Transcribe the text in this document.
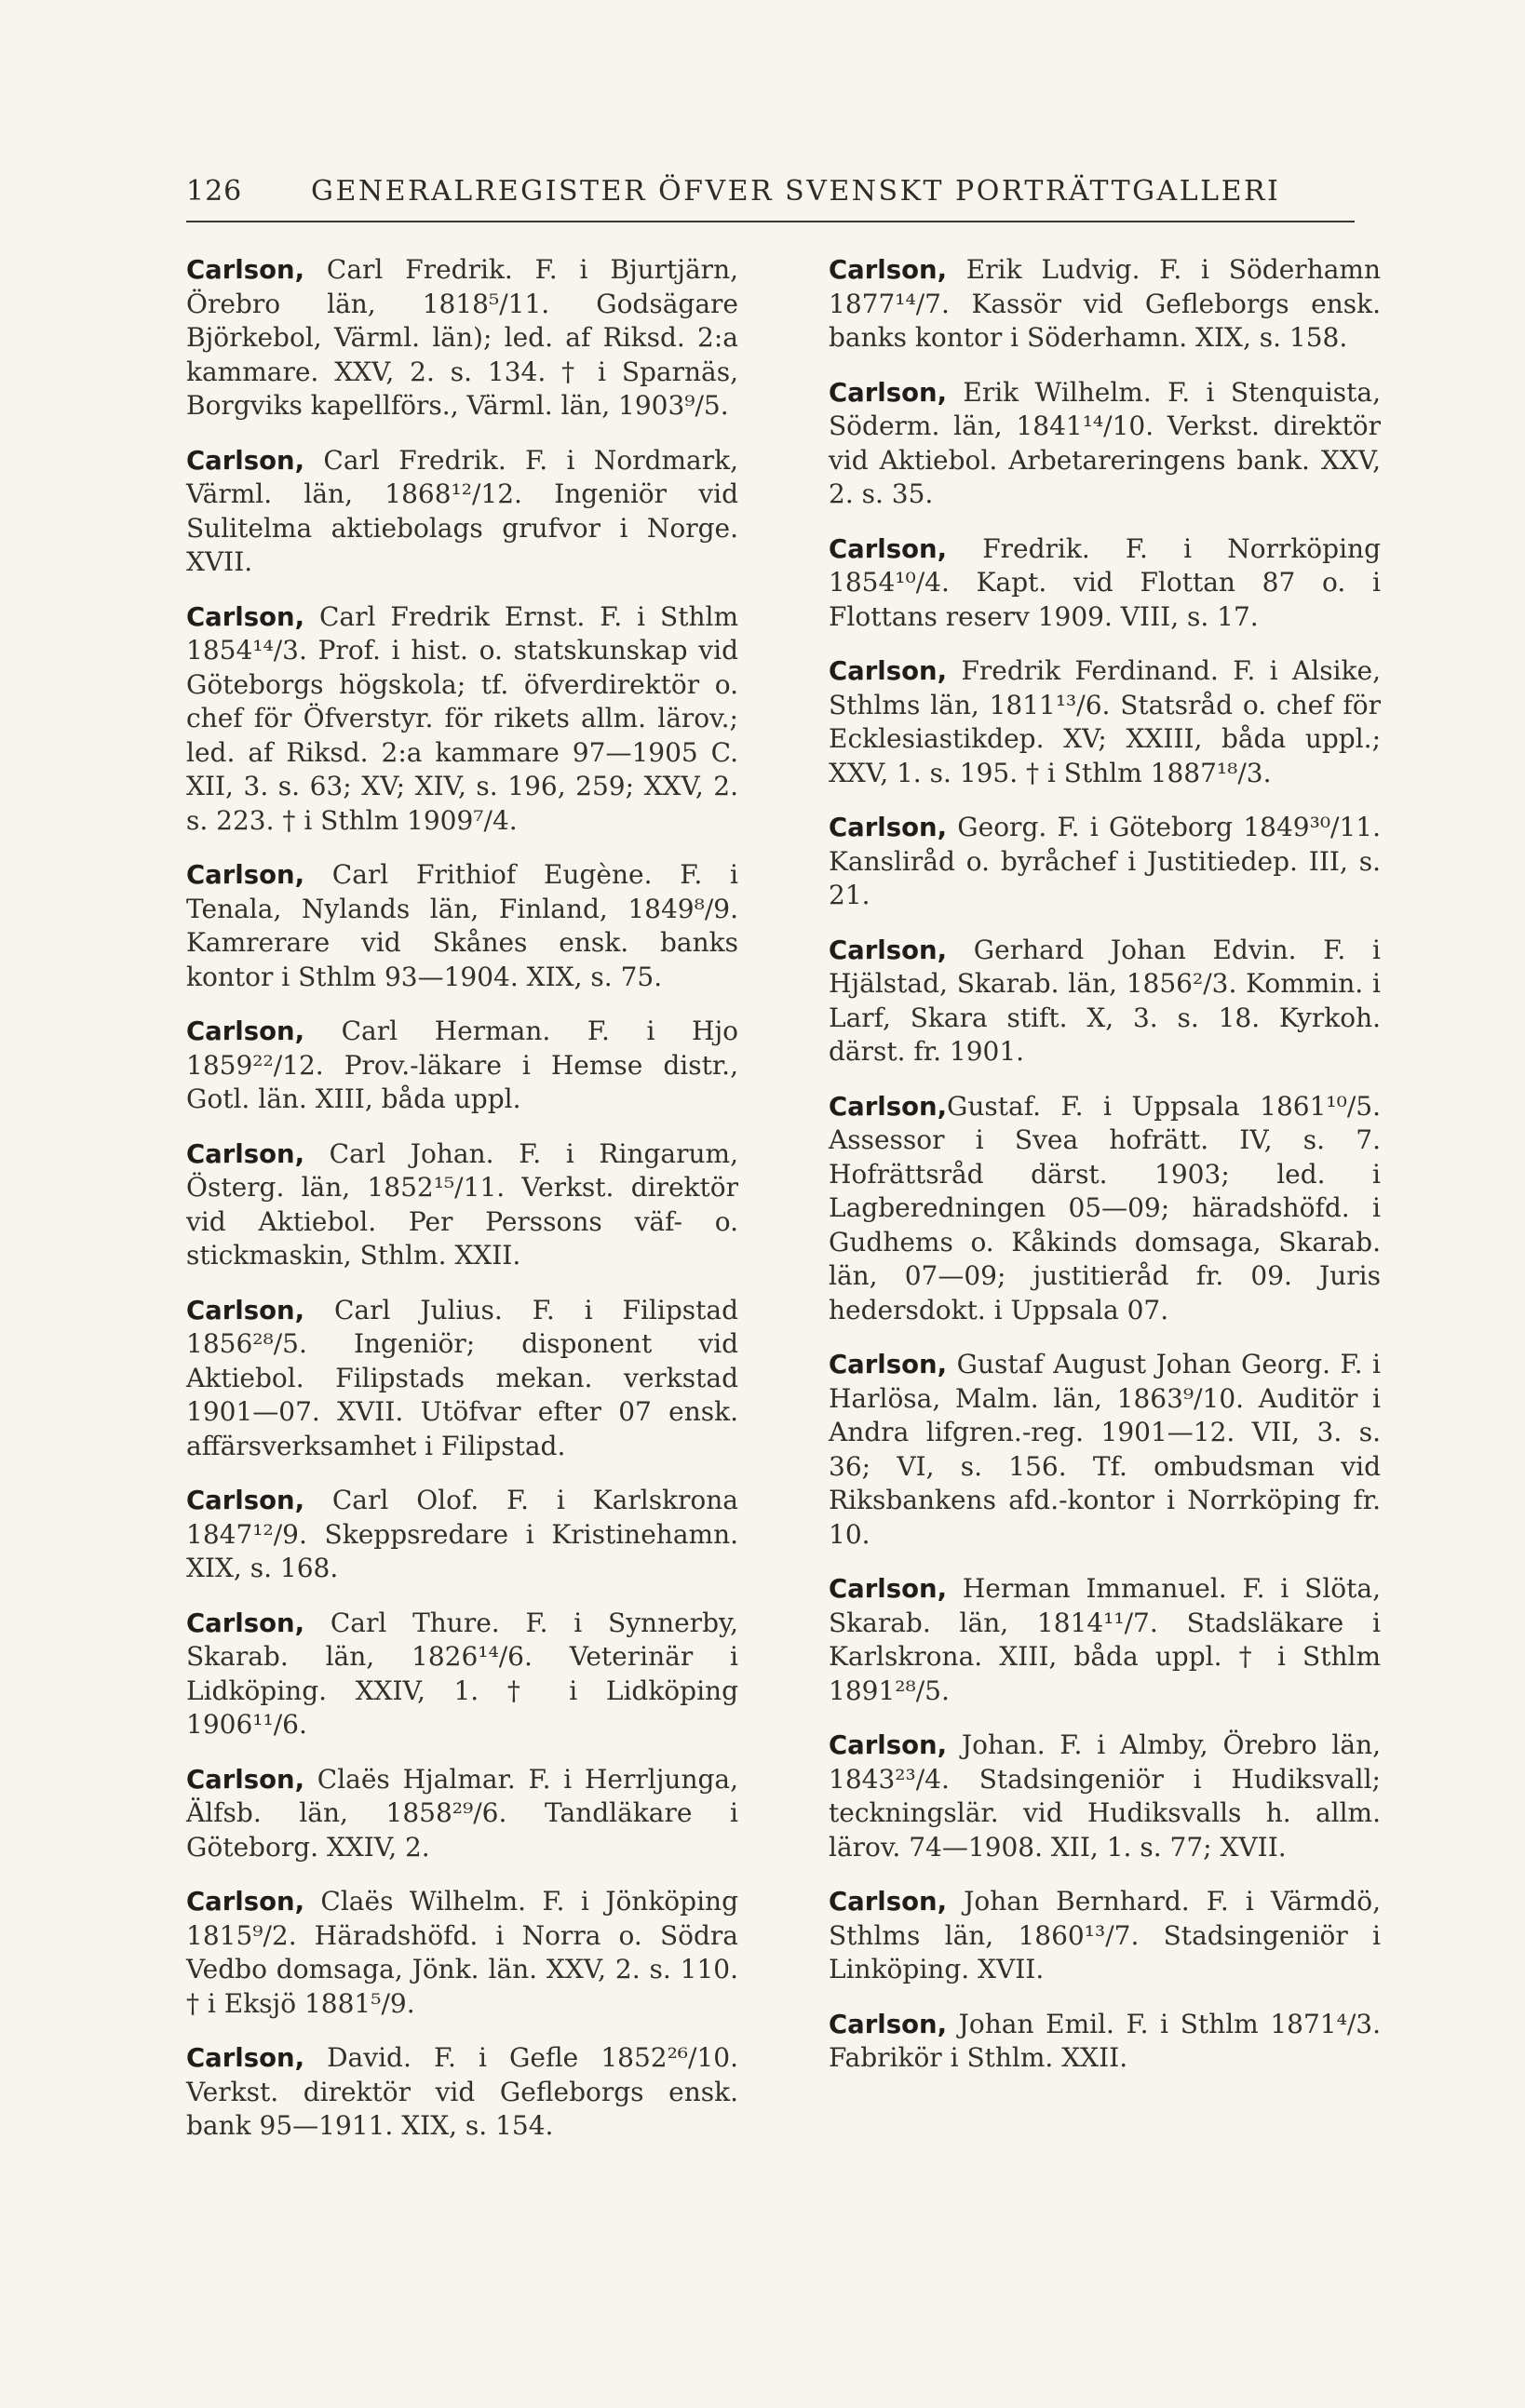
126 GENERALREGISTER ÖFVER SVENSKT PORTRÄTTGALLERI

Carlson, Carl Fredrik. F. i Bjurtjärn, Örebro län, 1818⁵/11. Godsägare Björkebol, Värml. län); led. af Riksd. 2:a kammare. XXV, 2. s. 134. † i Sparnäs, Borgviks kapellförs., Värml. län, 1903⁹/5.

Carlson, Carl Fredrik. F. i Nordmark, Värml. län, 1868¹²/12. Ingeniör vid Sulitelma aktiebolags grufvor i Norge. XVII.

Carlson, Carl Fredrik Ernst. F. i Sthlm 1854¹⁴/3. Prof. i hist. o. statskunskap vid Göteborgs högskola; tf. öfverdirektör o. chef för Öfverstyr. för rikets allm. lärov.; led. af Riksd. 2:a kammare 97—1905 C. XII, 3. s. 63; XV; XIV, s. 196, 259; XXV, 2. s. 223. † i Sthlm 1909⁷/4.

Carlson, Carl Frithiof Eugène. F. i Tenala, Nylands län, Finland, 1849⁸/9. Kamrerare vid Skånes ensk. banks kontor i Sthlm 93—1904. XIX, s. 75.

Carlson, Carl Herman. F. i Hjo 1859²²/12. Prov.-läkare i Hemse distr., Gotl. län. XIII, båda uppl.

Carlson, Carl Johan. F. i Ringarum, Österg. län, 1852¹⁵/11. Verkst. direktör vid Aktiebol. Per Perssons väf- o. stickmaskin, Sthlm. XXII.

Carlson, Carl Julius. F. i Filipstad 1856²⁸/5. Ingeniör; disponent vid Aktiebol. Filipstads mekan. verkstad 1901—07. XVII. Utöfvar efter 07 ensk. affärsverksamhet i Filipstad.

Carlson, Carl Olof. F. i Karlskrona 1847¹²/9. Skeppsredare i Kristinehamn. XIX, s. 168.

Carlson, Carl Thure. F. i Synnerby, Skarab. län, 1826¹⁴/6. Veterinär i Lidköping. XXIV, 1. † i Lidköping 1906¹¹/6.

Carlson, Claës Hjalmar. F. i Herrljunga, Älfsb. län, 1858²⁹/6. Tandläkare i Göteborg. XXIV, 2.

Carlson, Claës Wilhelm. F. i Jönköping 1815⁹/2. Häradshöfd. i Norra o. Södra Vedbo domsaga, Jönk. län. XXV, 2. s. 110. † i Eksjö 1881⁵/9.

Carlson, David. F. i Gefle 1852²⁶/10. Verkst. direktör vid Gefleborgs ensk. bank 95—1911. XIX, s. 154.

Carlson, Erik Ludvig. F. i Söderhamn 1877¹⁴/7. Kassör vid Gefleborgs ensk. banks kontor i Söderhamn. XIX, s. 158.

Carlson, Erik Wilhelm. F. i Stenquista, Söderm. län, 1841¹⁴/10. Verkst. direktör vid Aktiebol. Arbetareringens bank. XXV, 2. s. 35.

Carlson, Fredrik. F. i Norrköping 1854¹⁰/4. Kapt. vid Flottan 87 o. i Flottans reserv 1909. VIII, s. 17.

Carlson, Fredrik Ferdinand. F. i Alsike, Sthlms län, 1811¹³/6. Statsråd o. chef för Ecklesiastikdep. XV; XXIII, båda uppl.; XXV, 1. s. 195. † i Sthlm 1887¹⁸/3.

Carlson, Georg. F. i Göteborg 1849³⁰/11. Kanslіråd o. byråchef i Justitiedep. III, s. 21.

Carlson, Gerhard Johan Edvin. F. i Hjälstad, Skarab. län, 1856²/3. Kommin. i Larf, Skara stift. X, 3. s. 18. Kyrkoh. därst. fr. 1901.

Carlson,Gustaf. F. i Uppsala 1861¹⁰/5. Assessor i Svea hofrätt. IV, s. 7. Hofrättsråd därst. 1903; led. i Lagberedningen 05—09; häradshöfd. i Gudhems o. Kåkinds domsaga, Skarab. län, 07—09; justitieråd fr. 09. Juris hedersdokt. i Uppsala 07.

Carlson, Gustaf August Johan Georg. F. i Harlösa, Malm. län, 1863⁹/10. Auditör i Andra lifgren.-reg. 1901—12. VII, 3. s. 36; VI, s. 156. Tf. ombudsman vid Riksbankens afd.-kontor i Norrköping fr. 10.

Carlson, Herman Immanuel. F. i Slöta, Skarab. län, 1814¹¹/7. Stadsläkare i Karlskrona. XIII, båda uppl. † i Sthlm 1891²⁸/5.

Carlson, Johan. F. i Almby, Örebro län, 1843²³/4. Stadsingeniör i Hudiksvall; teckningslär. vid Hudiksvalls h. allm. lärov. 74—1908. XII, 1. s. 77; XVII.

Carlson, Johan Bernhard. F. i Värmdö, Sthlms län, 1860¹³/7. Stadsingeniör i Linköping. XVII.

Carlson, Johan Emil. F. i Sthlm 1871⁴/3. Fabrikör i Sthlm. XXII.
